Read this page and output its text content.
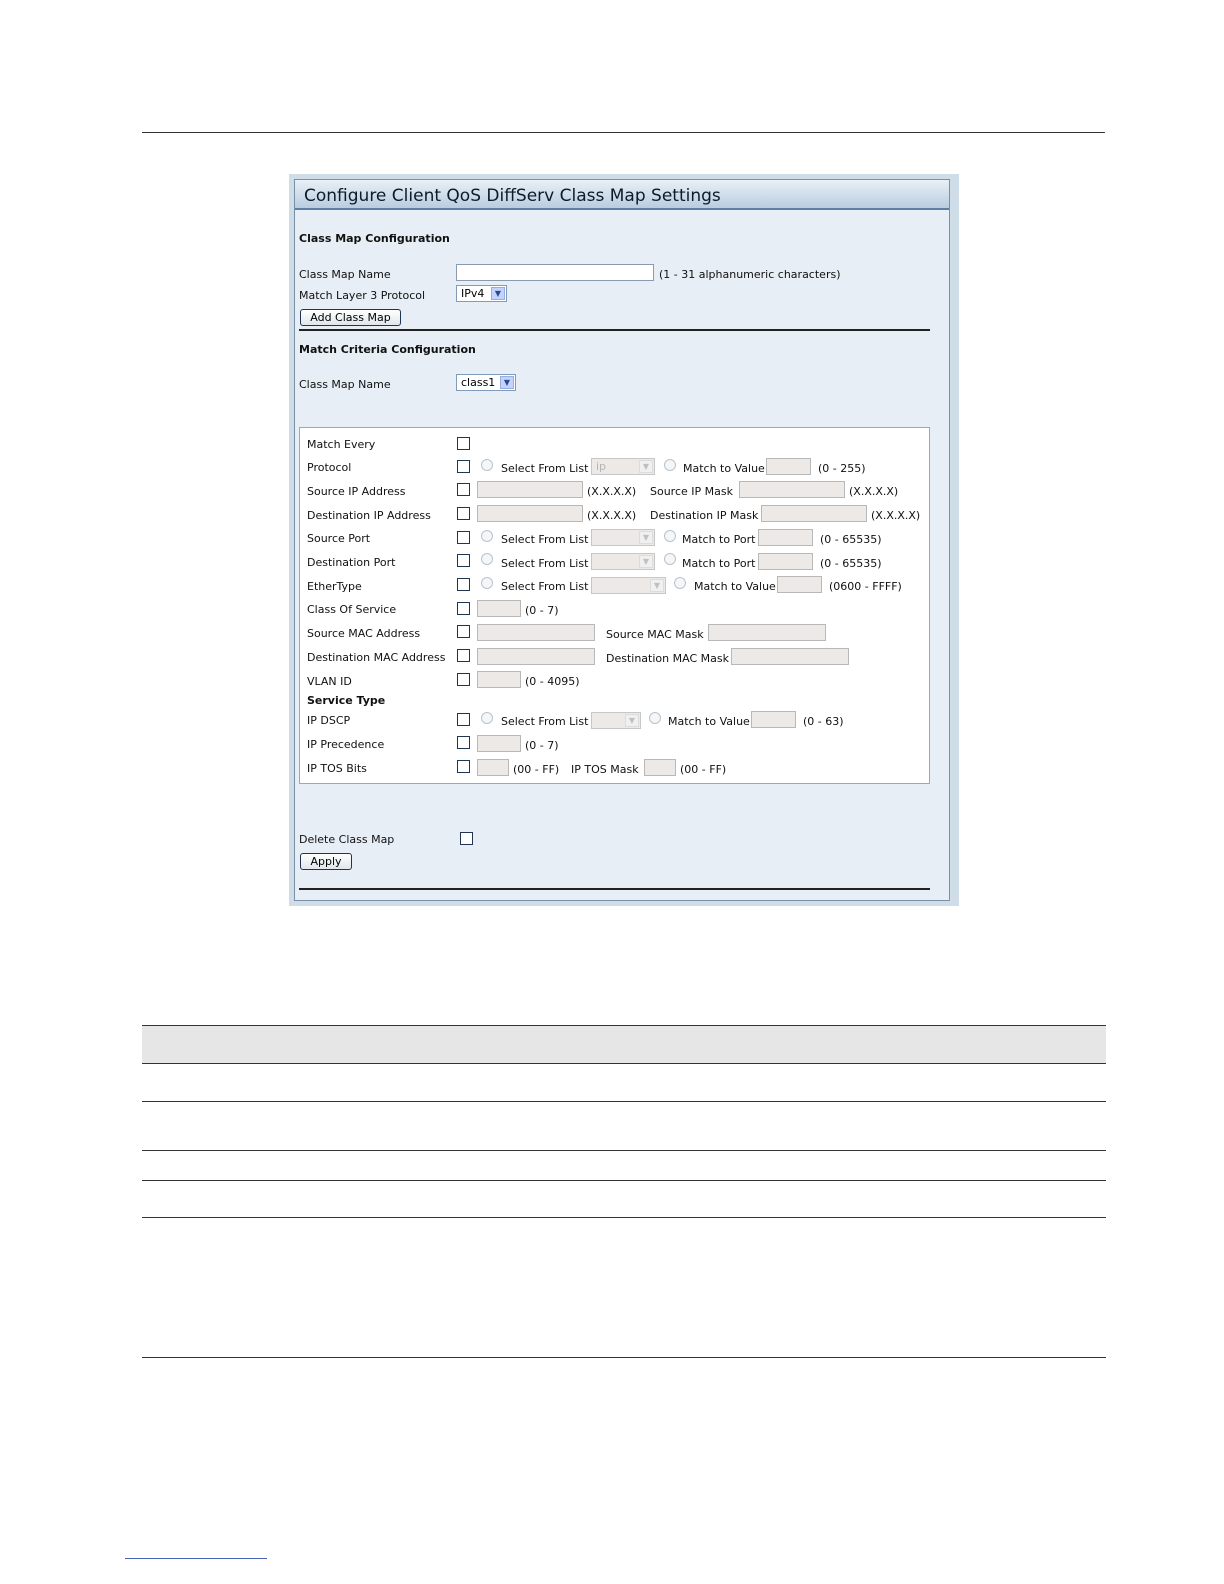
Configure Client QoS DiffServ Class Map Settings
Class Map Configuration
Class Map Name	(1 - 31 alphanumeric characters)
Match Layer 3 Protocol	IPv4	▼
Add Class Map
Match Criteria Configuration
Class Map Name	class1	▼
Match Every
Protocol	Select From List ip	▼	Match to Value	(0 - 255)
Source IP Address	(X.X.X.X) Source IP Mask	(X.X.X.X)
Destination IP Address	(X.X.X.X) Destination IP Mask	(X.X.X.X)
Source Port	Select From List	▼	Match to Port	(0 - 65535)
Destination Port	Select From List	▼	Match to Port	(0 - 65535)
EtherType	Select From List	▼	Match to Value	(0600 - FFFF)
Class Of Service	(0 - 7)
Source MAC Address	Source MAC Mask
Destination MAC Address	Destination MAC Mask
VLAN ID	(0 - 4095)
Service Type
IP DSCP	Select From List	▼	Match to Value	(0 - 63)
IP Precedence	(0 - 7)
IP TOS Bits	(00 - FF) IP TOS Mask	(00 - FF)
Delete Class Map
Apply
